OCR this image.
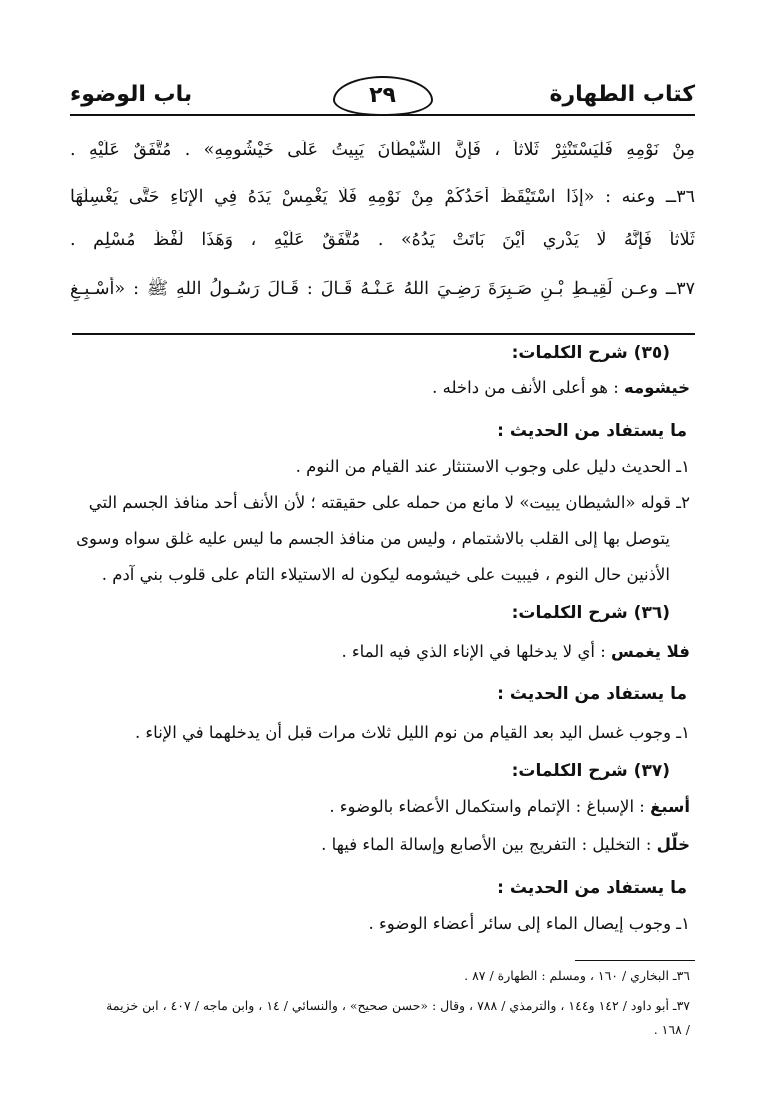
كتاب الطهارة
٢٩
باب الوضوء
مِنْ نَوْمِهِ فَلْيَسْتَنْثِرْ ثَلاثاً ، فَإِنَّ الشَّيْطَانَ يَبِيتُ عَلَى خَيْشُومِهِ» . مُتَّفَقٌ عَلَيْهِ .
٣٦ــ وعنه : «إِذَا اسْتَيْقَظَ أَحَدُكُمْ مِنْ نَوْمِهِ فَلَا يَغْمِسْ يَدَهُ فِي الإِنَاءِ حَتَّى يَغْسِلَهَا
ثَلَاثاً فَإِنَّهُ لَا يَدْرِي أَيْنَ بَاتَتْ يَدُهُ» . مُتَّفَقٌ عَلَيْهِ ، وَهَذَا لَفْظُ مُسْلِمٍ .
٣٧ــ وعـن لَقِيـطِ بْـنِ صَـبِرَةَ رَضِـيَ اللهُ عَـنْـهُ قَـالَ : قَـالَ رَسُـولُ اللهِ ﷺ : «أَسْـبِـغِ
(٣٥) شرح الكلمات:
خيشومه : هو أعلى الأنف من داخله .
ما يستفاد من الحديث :
١ـ الحديث دليل على وجوب الاستنثار عند القيام من النوم .
٢ـ قوله «الشيطان يبيت» لا مانع من حمله على حقيقته ؛ لأن الأنف أحد منافذ الجسم التي
يتوصل بها إلى القلب بالاشتمام ، وليس من منافذ الجسم ما ليس عليه غلق سواه وسوى
الأذنين حال النوم ، فيبيت على خيشومه ليكون له الاستيلاء التام على قلوب بني آدم .
(٣٦) شرح الكلمات:
فلا يغمس : أي لا يدخلها في الإناء الذي فيه الماء .
ما يستفاد من الحديث :
١ـ وجوب غسل اليد بعد القيام من نوم الليل ثلاث مرات قبل أن يدخلهما في الإناء .
(٣٧) شرح الكلمات:
أسبغ : الإسباغ : الإتمام واستكمال الأعضاء بالوضوء .
خلّل : التخليل : التفريج بين الأصابع وإسالة الماء فيها .
ما يستفاد من الحديث :
١ـ وجوب إيصال الماء إلى سائر أعضاء الوضوء .
٣٦ـ البخاري / ١٦٠ ، ومسلم : الطهارة / ٨٧ .
٣٧ـ أبو داود / ١٤٢ و١٤٤ ، والترمذي / ٧٨٨ ، وقال : «حسن صحيح» ، والنسائي / ١٤ ، وابن ماجه / ٤٠٧ ، ابن خزيمة
/ ١٦٨ .
